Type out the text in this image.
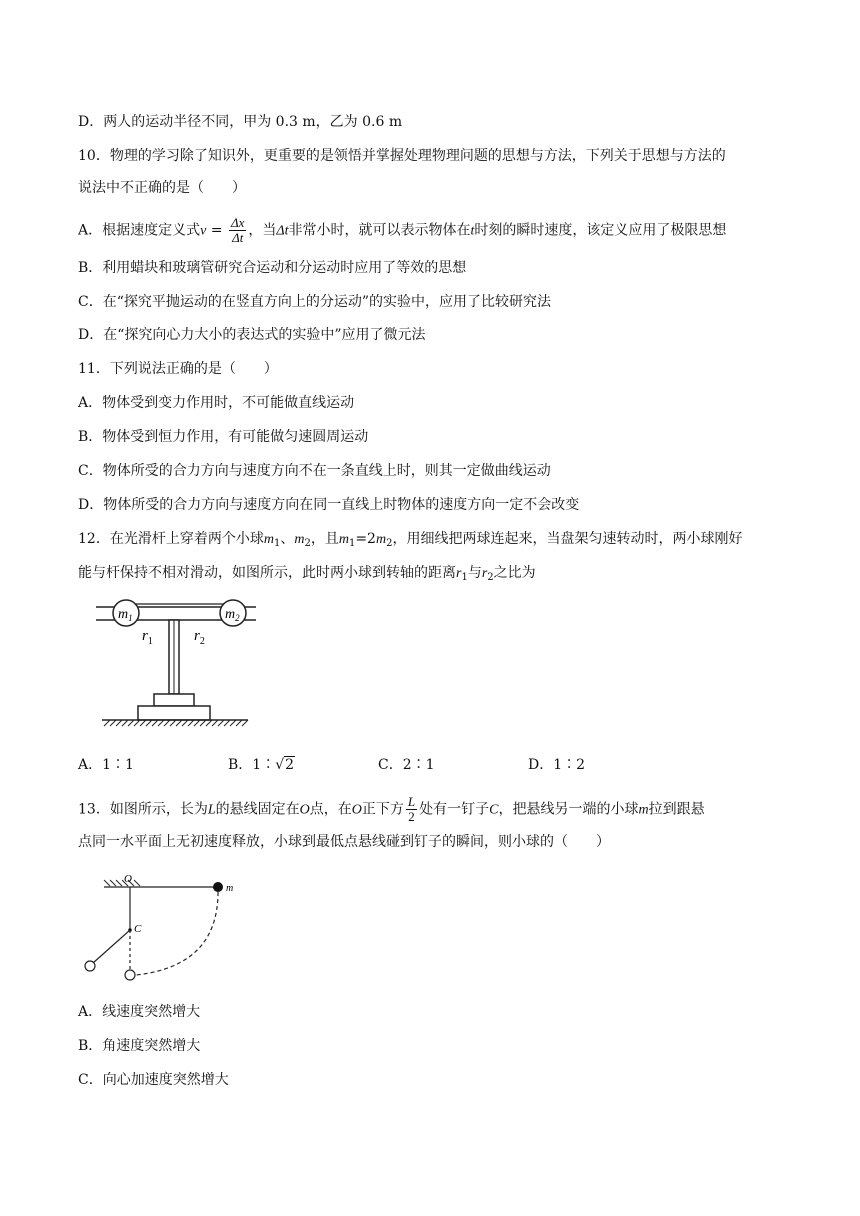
D．两人的运动半径不同，甲为 0.3 m，乙为 0.6 m
10．物理的学习除了知识外，更重要的是领悟并掌握处理物理问题的思想与方法，下列关于思想与方法的
说法中不正确的是（　　）
A．根据速度定义式$v = \frac{\Delta x}{\Delta t}$ ，当Δt非常小时，就可以表示物体在t时刻的瞬时速度，该定义应用了极限思想
B．利用蜡块和玻璃管研究合运动和分运动时应用了等效的思想
C．在“探究平抛运动的在竖直方向上的分运动”的实验中，应用了比较研究法
D．在“探究向心力大小的表达式的实验中”应用了微元法
11．下列说法正确的是（　　）
A．物体受到变力作用时，不可能做直线运动
B．物体受到恒力作用，有可能做匀速圆周运动
C．物体所受的合力方向与速度方向不在一条直线上时，则其一定做曲线运动
D．物体所受的合力方向与速度方向在同一直线上时物体的速度方向一定不会改变
12．在光滑杆上穿着两个小球$m_1$、$m_2$，且$m_1=2m_2$，用细线把两球连起来，当盘架匀速转动时，两小球刚好
能与杆保持不相对滑动，如图所示，此时两小球到转轴的距离$r_1$与$r_2$之比为
$m_1$	$m_2$
$r_1$	$r_2$
A．1∶1	B．1∶√2	C．2∶1	D．1∶2
13．如图所示，长为L的悬线固定在O点，在O正下方 $\frac{L}{2}$ 处有一钉子C，把悬线另一端的小球m拉到跟悬
点同一水平面上无初速度释放，小球到最低点悬线碰到钉子的瞬间，则小球的（　　）
O
m
C
A．线速度突然增大
B．角速度突然增大
C．向心加速度突然增大
